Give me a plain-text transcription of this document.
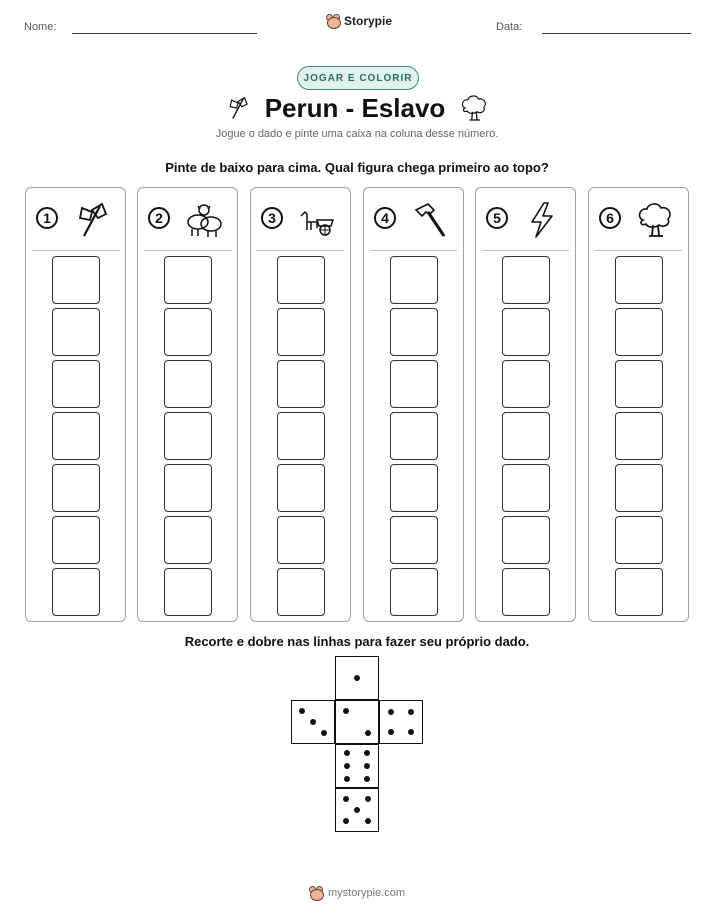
Nome:	Storypie	Data:
JOGAR E COLORIR
Perun - Eslavo
Jogue o dado e pinte uma caixa na coluna desse número.
Pinte de baixo para cima. Qual figura chega primeiro ao topo?
1	2	3	4	5	6
Recorte e dobre nas linhas para fazer seu próprio dado.
mystorypie.com
